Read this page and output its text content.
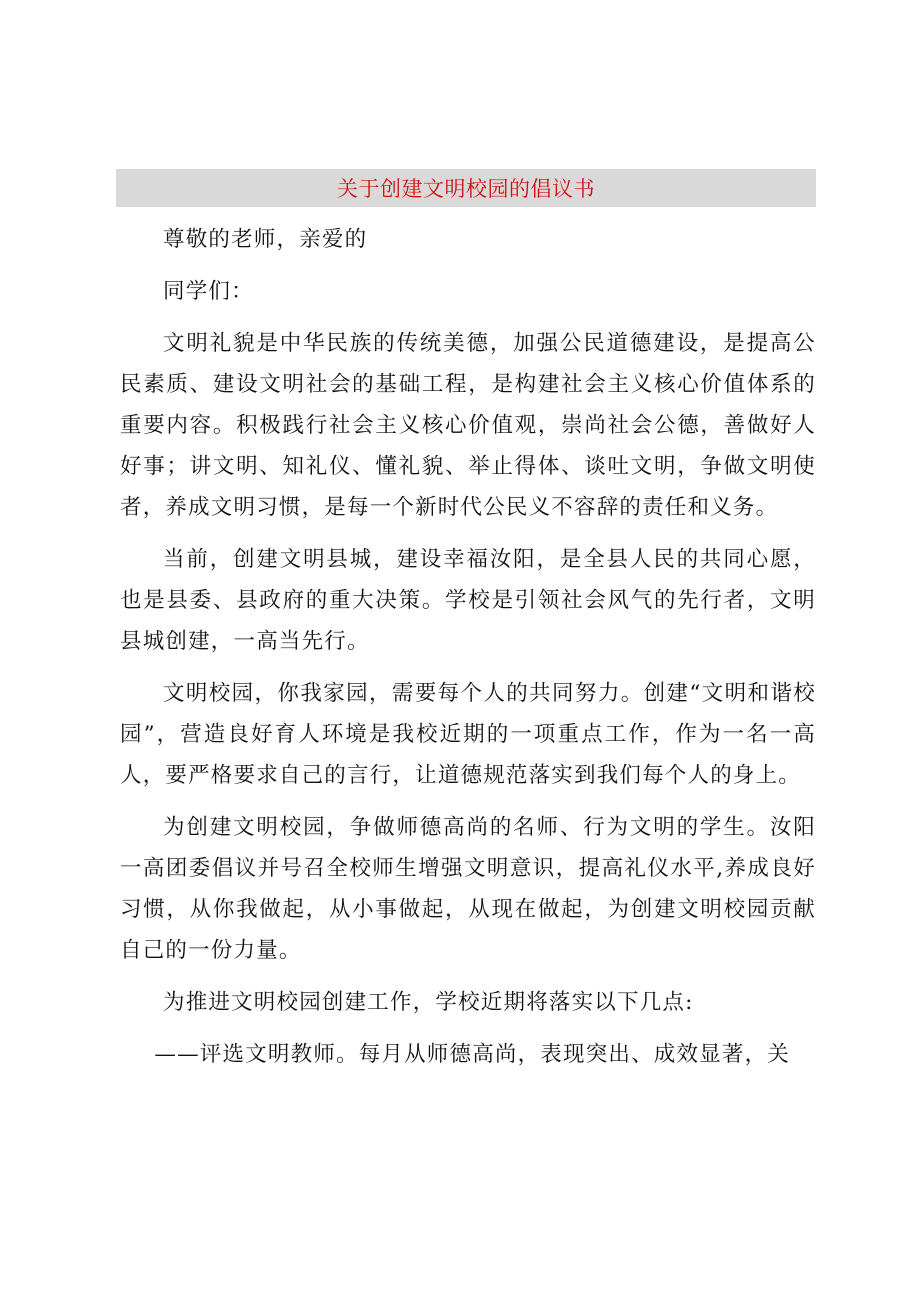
关于创建文明校园的倡议书

尊敬的老师，亲爱的

同学们：

文明礼貌是中华民族的传统美德，加强公民道德建设，是提高公民素质、建设文明社会的基础工程，是构建社会主义核心价值体系的重要内容。积极践行社会主义核心价值观，崇尚社会公德，善做好人好事；讲文明、知礼仪、懂礼貌、举止得体、谈吐文明，争做文明使者，养成文明习惯，是每一个新时代公民义不容辞的责任和义务。

当前，创建文明县城，建设幸福汝阳，是全县人民的共同心愿，也是县委、县政府的重大决策。学校是引领社会风气的先行者，文明县城创建，一高当先行。

文明校园，你我家园，需要每个人的共同努力。创建“文明和谐校园”，营造良好育人环境是我校近期的一项重点工作，作为一名一高人，要严格要求自己的言行，让道德规范落实到我们每个人的身上。

为创建文明校园，争做师德高尚的名师、行为文明的学生。汝阳一高团委倡议并号召全校师生增强文明意识，提高礼仪水平,养成良好习惯，从你我做起，从小事做起，从现在做起，为创建文明校园贡献自己的一份力量。

为推进文明校园创建工作，学校近期将落实以下几点:

——评选文明教师。每月从师德高尚，表现突出、成效显著，关
